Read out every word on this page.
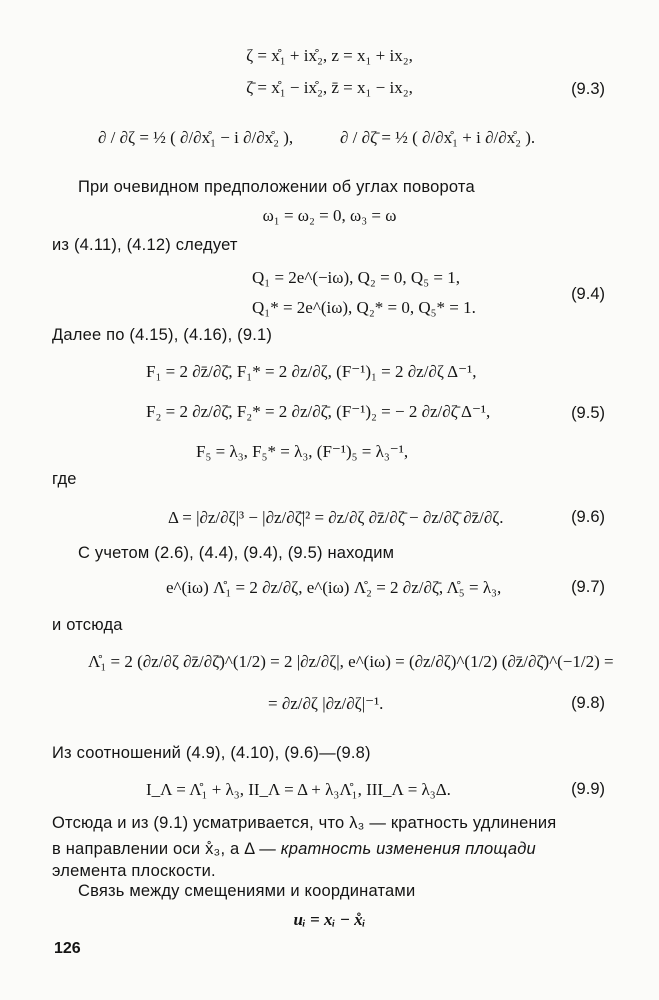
ζ = x̊₁ + ix̊₂, z = x₁ + ix₂,
ζ̄ = x̊₁ − ix̊₂, z̄ = x₁ − ix₂,	(9.3)
∂ / ∂ζ = ½ ( ∂/∂x̊₁ − i ∂/∂x̊₂ ),	∂ / ∂ζ̄ = ½ ( ∂/∂x̊₁ + i ∂/∂x̊₂ ).
При очевидном предположении об углах поворота
ω₁ = ω₂ = 0, ω₃ = ω
из (4.11), (4.12) следует
Q₁ = 2e^(−iω), Q₂ = 0, Q₅ = 1,
Q₁* = 2e^(iω), Q₂* = 0, Q₅* = 1.
(9.4)
Далее по (4.15), (4.16), (9.1)
F₁ = 2 ∂z̄/∂ζ̄, F₁* = 2 ∂z/∂ζ, (F⁻¹)₁ = 2 ∂z/∂ζ Δ⁻¹,
F₂ = 2 ∂z/∂ζ̄, F₂* = 2 ∂z/∂ζ̄, (F⁻¹)₂ = − 2 ∂z/∂ζ̄ Δ⁻¹,	(9.5)
F₅ = λ₃, F₅* = λ₃, (F⁻¹)₅ = λ₃⁻¹,
где
Δ = |∂z/∂ζ|³ − |∂z/∂ζ̄|² = ∂z/∂ζ ∂z̄/∂ζ̄ − ∂z/∂ζ̄ ∂z̄/∂ζ.	(9.6)
С учетом (2.6), (4.4), (9.4), (9.5) находим
e^(iω) Λ̊₁ = 2 ∂z/∂ζ, e^(iω) Λ̊₂ = 2 ∂z/∂ζ̄, Λ̊₅ = λ₃,	(9.7)
и отсюда
Λ̊₁ = 2 (∂z/∂ζ ∂z̄/∂ζ̄)^(1/2) = 2 |∂z/∂ζ|, e^(iω) = (∂z/∂ζ)^(1/2) (∂z̄/∂ζ̄)^(−1/2) =
= ∂z/∂ζ |∂z/∂ζ|⁻¹.	(9.8)
Из соотношений (4.9), (4.10), (9.6)—(9.8)
I_Λ = Λ̊₁ + λ₃, II_Λ = Δ + λ₃Λ̊₁, III_Λ = λ₃Δ.	(9.9)
Отсюда и из (9.1) усматривается, что λ₃ — кратность удлинения
в направлении оси x̊₃, а Δ — кратность изменения площади
элемента плоскости.
Связь между смещениями и координатами
uᵢ = xᵢ − x̊ᵢ
126
